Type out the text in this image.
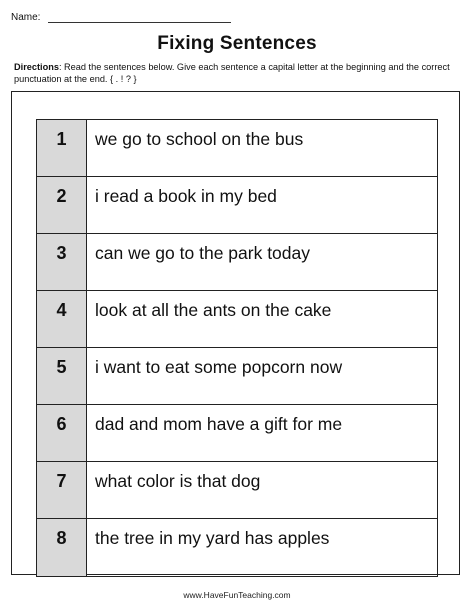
Name:
Fixing Sentences
Directions: Read the sentences below. Give each sentence a capital letter at the beginning and the correct punctuation at the end. { . ! ? }
1	we go to school on the bus
2	i read a book in my bed
3	can we go to the park today
4	look at all the ants on the cake
5	i want to eat some popcorn now
6	dad and mom have a gift for me
7	what color is that dog
8	the tree in my yard has apples
www.HaveFunTeaching.com
